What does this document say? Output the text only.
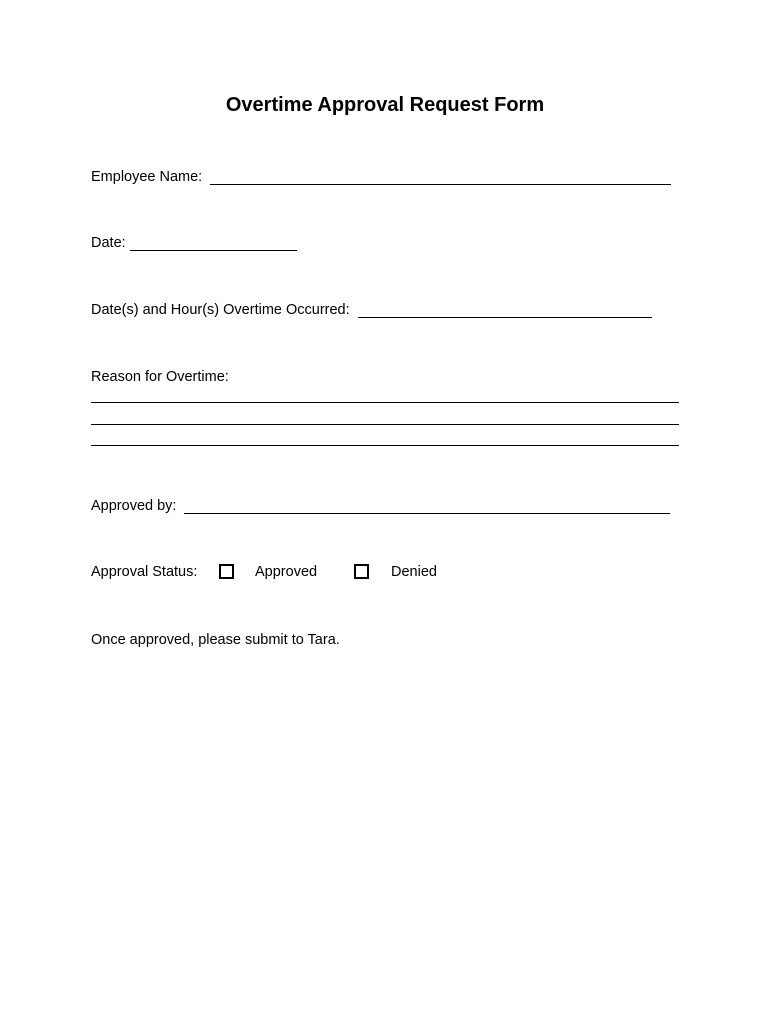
Overtime Approval Request Form
Employee Name:
Date:
Date(s) and Hour(s) Overtime Occurred:
Reason for Overtime:
Approved by:
Approval Status:	Approved	Denied
Once approved, please submit to Tara.
